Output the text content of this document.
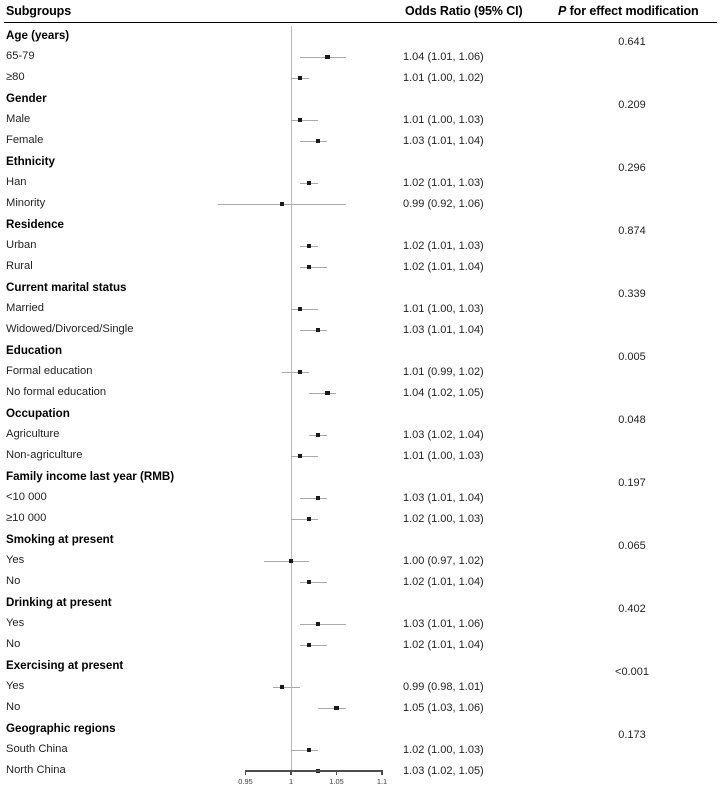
Subgroups	Odds Ratio (95% CI)	P for effect modification
Age (years)	0.641
65-79	1.04 (1.01, 1.06)
≥80	1.01 (1.00, 1.02)
Gender	0.209
Male	1.01 (1.00, 1.03)
Female	1.03 (1.01, 1.04)
Ethnicity	0.296
Han	1.02 (1.01, 1.03)
Minority	0.99 (0.92, 1.06)
Residence	0.874
Urban	1.02 (1.01, 1.03)
Rural	1.02 (1.01, 1.04)
Current marital status	0.339
Married	1.01 (1.00, 1.03)
Widowed/Divorced/Single	1.03 (1.01, 1.04)
Education	0.005
Formal education	1.01 (0.99, 1.02)
No formal education	1.04 (1.02, 1.05)
Occupation	0.048
Agriculture	1.03 (1.02, 1.04)
Non-agriculture	1.01 (1.00, 1.03)
Family income last year (RMB)	0.197
<10 000	1.03 (1.01, 1.04)
≥10 000	1.02 (1.00, 1.03)
Smoking at present	0.065
Yes	1.00 (0.97, 1.02)
No	1.02 (1.01, 1.04)
Drinking at present	0.402
Yes	1.03 (1.01, 1.06)
No	1.02 (1.01, 1.04)
Exercising at present	<0.001
Yes	0.99 (0.98, 1.01)
No	1.05 (1.03, 1.06)
Geographic regions	0.173
South China	1.02 (1.00, 1.03)
North China	1.03 (1.02, 1.05)
0.95	1	1.05	1.1
